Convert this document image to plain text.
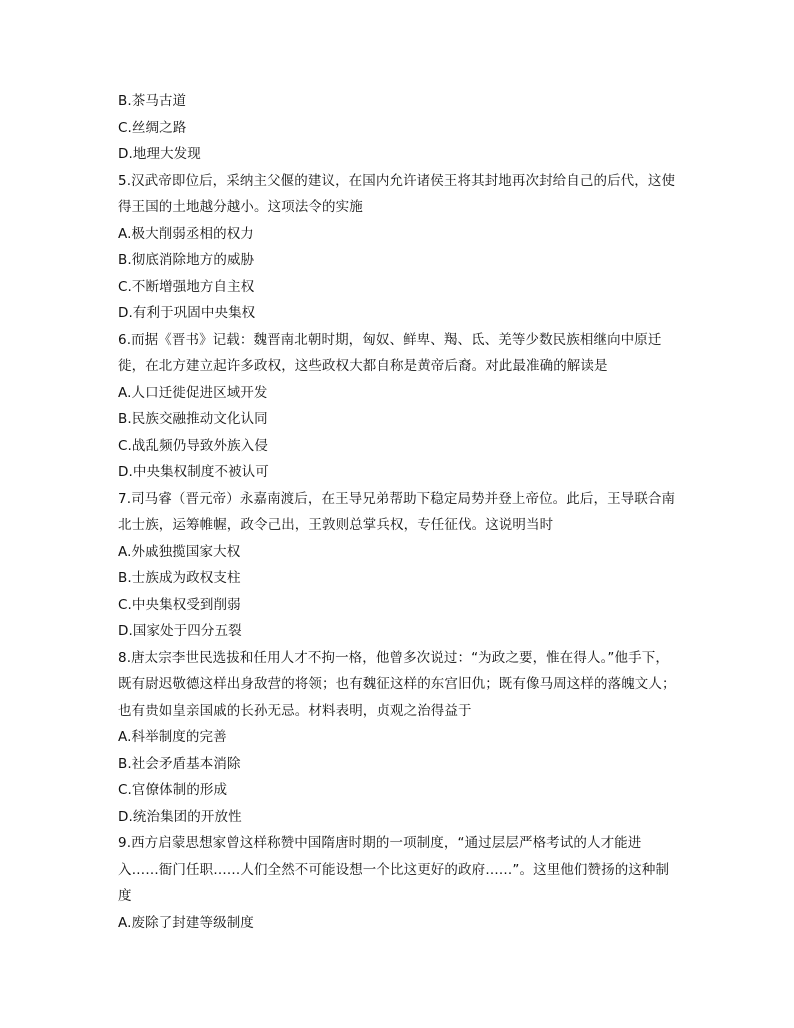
B.茶马古道
C.丝绸之路
D.地理大发现
5.汉武帝即位后，采纳主父偃的建议，在国内允许诸侯王将其封地再次封给自己的后代，这使
得王国的土地越分越小。这项法令的实施
A.极大削弱丞相的权力
B.彻底消除地方的威胁
C.不断增强地方自主权
D.有利于巩固中央集权
6.而据《晋书》记载：魏晋南北朝时期，匈奴、鲜卑、羯、氐、羌等少数民族相继向中原迁
徙，在北方建立起许多政权，这些政权大都自称是黄帝后裔。对此最准确的解读是
A.人口迁徙促进区域开发
B.民族交融推动文化认同
C.战乱频仍导致外族入侵
D.中央集权制度不被认可
7.司马睿（晋元帝）永嘉南渡后，在王导兄弟帮助下稳定局势并登上帝位。此后，王导联合南
北士族，运筹帷幄，政令己出，王敦则总掌兵权，专任征伐。这说明当时
A.外戚独揽国家大权
B.士族成为政权支柱
C.中央集权受到削弱
D.国家处于四分五裂
8.唐太宗李世民选拔和任用人才不拘一格，他曾多次说过：“为政之要，惟在得人。”他手下，
既有尉迟敬德这样出身敌营的将领；也有魏征这样的东宫旧仇；既有像马周这样的落魄文人；
也有贵如皇亲国戚的长孙无忌。材料表明，贞观之治得益于
A.科举制度的完善
B.社会矛盾基本消除
C.官僚体制的形成
D.统治集团的开放性
9.西方启蒙思想家曾这样称赞中国隋唐时期的一项制度，“通过层层严格考试的人才能进
入……衙门任职……人们全然不可能设想一个比这更好的政府……”。这里他们赞扬的这种制
度
A.废除了封建等级制度
